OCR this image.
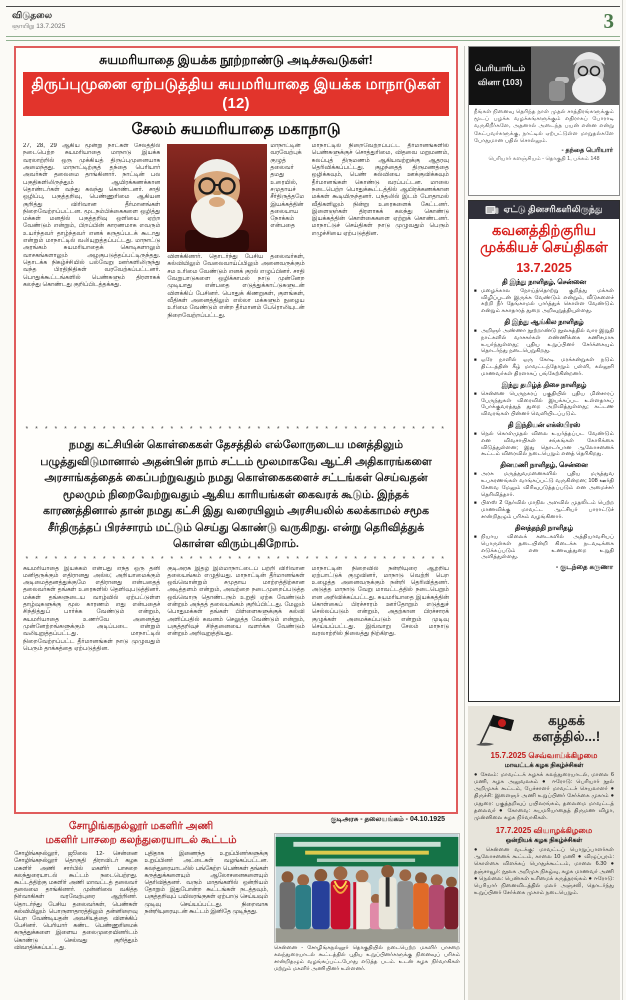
விடுதலை
ஞாயிறு 13.7.2025	3
சுயமரியாதை இயக்க நூற்றாண்டு அடிச்சுவடுகள்!
திருப்புமுனை ஏற்படுத்திய சுயமரியாதை இயக்க மாநாடுகள் (12)
சேலம் சுயமரியாதை மகாநாடு
27, 28, 29 ஆகிய மூன்று நாட்கள் சேலத்தில் நடைபெற்ற சுயமரியாதை மாநாடு இயக்க வரலாற்றில் ஒரு முக்கியத் திருப்புமுனையாக அமைந்தது. மாநாட்டிற்குத் தந்தை பெரியார் அவர்கள் தலைமை தாங்கினார். நாட்டின் பல பகுதிகளிலிருந்தும் ஆயிரக்கணக்கான தொண்டர்கள் வந்து கலந்து கொண்டனர். சாதி ஒழிப்பு, பகுத்தறிவு, பெண்ணுரிமை ஆகியன குறித்து விரிவான தீர்மானங்கள் நிறைவேற்றப்பட்டன. மூடநம்பிக்கைகளை ஒழித்து மக்கள் மனதில் பகுத்தறிவு ஒளியை ஏற்ற வேண்டும் என்றும், பிறப்பின் காரணமாக எவரும் உயர்ந்தவர் தாழ்ந்தவர் எனக் கருதப்படக் கூடாது என்றும் மாநாட்டில் வலியுறுத்தப்பட்டது. மாநாட்டு அரங்கம் சுயமரியாதைக் கொடிகளாலும் வாசகங்களாலும் அழகுபடுத்தப்பட்டிருந்தது. தொடக்க நிகழ்ச்சியில் பல்வேறு ஊர்களிலிருந்து வந்த பிரதிநிதிகள் வரவேற்கப்பட்டனர். பொதுக்கூட்டங்களில் பெண்களும் திரளாகக் கலந்து கொண்டது குறிப்பிடத்தக்கது.
மாநாட்டின் வரவேற்புக் குழுத் தலைவர் தமது உரையில், சமுதாயச் சீர்திருத்தமே இயக்கத்தின் தலையாய நோக்கம் என்பதை விளக்கினார். தொடர்ந்து பேசிய தலைவர்கள், கல்வியிலும் வேலைவாய்ப்பிலும் அனைவருக்கும் சம உரிமை வேண்டும் எனக் குரல் எழுப்பினர். சாதி வேறுபாடுகளை ஒழிக்காமல் நாடு முன்னேற முடியாது என்பதை எடுத்துக்காட்டுகளுடன் விளக்கிப் பேசினர். பொதுக் கிணறுகள், குளங்கள், வீதிகள் அனைத்திலும் எல்லா மக்களும் நுழைய உரிமை வேண்டும் என்ற தீர்மானம் பேரொலியுடன் நிறைவேற்றப்பட்டது.
மாநாட்டில் நிறைவேற்றப்பட்ட தீர்மானங்களில் பெண்களுக்குச் சொத்துரிமை, விதவை மறுமணம், கலப்புத் திருமணம் ஆகியவற்றுக்கு ஆதரவு தெரிவிக்கப்பட்டது. குழந்தைத் திருமணத்தை ஒழிக்கவும், பெண் கல்வியை ஊக்குவிக்கவும் தீர்மானங்கள் கொண்டு வரப்பட்டன. மாலை நடைபெற்ற பொதுக்கூட்டத்தில் ஆயிரக்கணக்கான மக்கள் கூடியிருந்தனர். பந்தலில் இடம் போதாமல் வீதிகளிலும் நின்று உரைகளைக் கேட்டனர். இளைஞர்கள் திரளாகக் கலந்து கொண்டு இயக்கத்தின் கொள்கைகளை ஏற்றுக் கொண்டனர். மாநாட்டுச் செய்திகள் நாடு முழுவதும் பெரும் எழுச்சியை ஏற்படுத்தின.
* * * * * * * * * * * * * * * * * * * * * * * * * * * * * * * * * * * * * * * * * * * *
நமது கட்சியின் கொள்கைகள் தேசத்தில் எல்லோருடைய மனத்திலும் பழுத்துவிடுமானால் அதன்பின் நாம் சட்டம் மூலமாகவே ஆட்சி அதிகாரங்களை அரசாங்கத்தைக் கைப்பற்றுவதும் நமது கொள்கைகளைச் சட்டங்கள் செய்வதன் மூலமும் நிறைவேற்றுவதும் ஆகிய காரியங்கள் கைவரக் கூடும். இந்தக் காரணத்தினால் தான் நமது கட்சி இது வரையிலும் அரசியலில் கலக்காமல் சமூக சீர்திருத்தப் பிரச்சாரம் மட்டும் செய்து கொண்டு வருகிறது. என்று தெரிவித்துக் கொள்ள விரும்புகிறோம்.
* * * * * * * * * * * * * * * * * * * * * * * * * * * * * * * * * * * * * * * * * * * *
சுயமரியாதை இயக்கம் என்பது எந்த ஒரு தனி மனிதருக்கும் எதிரானது அல்ல; அறியாமைக்கும் அடிமைத்தனத்துக்குமே எதிரானது என்பதைத் தலைவர்கள் தங்கள் உரைகளில் தெளிவுபடுத்தினர். மக்கள் தங்களுடைய வாழ்வில் ஏற்பட்டுள்ள தாழ்வுகளுக்கு மூல காரணம் எது என்பதைச் சிந்தித்துப் பார்க்க வேண்டும் என்றும், சுயமரியாதை உணர்வே அனைத்து முன்னேற்றங்களுக்கும் அடிப்படை என்றும் வலியுறுத்தப்பட்டது. மாநாட்டில் நிறைவேற்றப்பட்ட தீர்மானங்கள் நாடு முழுவதும் பெரும் தாக்கத்தை ஏற்படுத்தின.
குடிஅரசு இதழ் இம்மாநாட்டைப் பற்றி விரிவான தலையங்கம் எழுதியது. மாநாட்டின் தீர்மானங்கள் ஒவ்வொன்றும் சமுதாய மாற்றத்திற்கான அடித்தளம் என்றும், அவற்றை நடைமுறைப்படுத்த ஒவ்வொரு தொண்டரும் உறுதி ஏற்க வேண்டும் என்றும் அந்தத் தலையங்கம் குறிப்பிட்டது. மேலும் பொதுமக்கள் தங்கள் பிள்ளைகளுக்குக் கல்வி அளிப்பதில் கவனம் செலுத்த வேண்டும் என்றும், பகுத்தறிவுச் சிந்தனையை வளர்க்க வேண்டும் என்றும் அறிவுறுத்தியது.
மாநாட்டின் நிறைவில் நன்றியுரை ஆற்றிய ஏற்பாட்டுக் குழுவினர், மாநாடு வெற்றி பெற உழைத்த அனைவருக்கும் நன்றி தெரிவித்தனர். அடுத்த மாநாடு வேறு மாவட்டத்தில் நடைபெறும் என அறிவிக்கப்பட்டது. சுயமரியாதை இயக்கத்தின் கொள்கைப் பிரச்சாரம் ஊர்தோறும் எடுத்துச் செல்லப்படும் என்றும், அதற்கான பிரச்சாரக் குழுக்கள் அமைக்கப்படும் என்றும் முடிவு செய்யப்பட்டது. இவ்வாறு சேலம் மாநாடு வரலாற்றில் நிலைத்து நிற்கிறது.
குடிஅரசு - தலையங்கம் - 04.10.1925
பெரியாரிடம்
வினா (103)
நீங்கள் நினைவு தெரிந்த நாள் முதல் சாத்திரங்களுக்கும் மூடப் பழக்க வழக்கங்களுக்கும் எதிராகப் போராடி வருகிறீர்களே, அதனால் அடைந்த பயன் என்ன என்று கேட்பவர்களுக்கு, நாட்டில் ஏற்பட்டுள்ள மாறுதல்களே போதுமான பதில் சொல்லும்.
- தந்தை பெரியார்
பெரியார் களஞ்சியம் - தொகுதி 1, பக்கம் 148
ஏட்டு தினசரிகளிலிருந்து
கவனத்திற்குரிய
முக்கியச் செய்திகள்
13.7.2025
தி இந்து நாளிதழ், சென்னை
■ மழைக்கால நோய்த்தொற்று குறித்து மக்கள் விழிப்புடன் இருக்க வேண்டும் என்றும், வீடுகளைச் சுற்றி நீர் தேங்காமல் பார்த்துக் கொள்ள வேண்டும் என்றும் சுகாதாரத் துறை அறிவுறுத்தியுள்ளது.
தி இந்து ஆங்கில நாளிதழ்
■ அறிஞர் அண்ணா நூற்றாண்டு நூலகத்தில் வார இறுதி நாட்களில் வாசகர்கள் எண்ணிக்கை கணிசமாக உயர்ந்துள்ளது; புதிய உறுப்பினர் சேர்க்கையும் தொடர்ந்து நடைபெறுகிறது.
■ ஒரே நாளில் ஒரு கோடி மரக்கன்றுகள் நடும் திட்டத்தின் கீழ் மாவட்டந்தோறும் பள்ளி, கல்லூரி மாணவர்கள் திரளாகப் பங்கேற்கின்றனர்.
இந்து தமிழ்த் திசை நாளிதழ்
■ சென்னை பெருநகரப் பகுதியில் புதிய மின்சாரப் பேருந்துகள் விரைவில் இயக்கப்பட உள்ளதாகப் போக்குவரத்துத் துறை அறிவித்துள்ளது; கட்டண விவரங்கள் பின்னர் வெளியிடப்படும்.
தி இந்தியன் எக்ஸ்பிரஸ்
■ நெல் கொள்முதல் விலை உயர்த்தப்பட வேண்டும் என விவசாயிகள் சங்கங்கள் கோரிக்கை விடுத்துள்ளன; இது தொடர்பான ஆலோசனைக் கூட்டம் விரைவில் நடைபெறும் எனத் தெரிகிறது.
தினமணி நாளிதழ், சென்னை
■ அரசு மருத்துவமனைகளில் புதிய மருத்துவ உபகரணங்கள் வாங்கப்பட்டு வருகின்றன; 108 ஊர்தி சேவை மேலும் விரிவுபடுத்தப்படும் என அமைச்சர் தெரிவித்தார்.
■ பிளஸ் 2 தேர்வில் மாநில அளவில் முதலிடம் பெற்ற மாணவிக்கு மாவட்ட ஆட்சியர் பாராட்டுச் சான்றிதழும் பரிசும் வழங்கினார்.
தினத்தந்தி நாளிதழ்
■ நியாய விலைக் கடைகளில் அத்தியாவசியப் பொருள்கள் தடையின்றி கிடைக்க நடவடிக்கை எடுக்கப்படும் என உணவுத்துறை உறுதி அளித்துள்ளது.
- குடந்தை கருணா
கழகக்
களத்தில்...!
15.7.2025 செவ்வாய்க்கிழமை
மாவட்டக் கழக நிகழ்ச்சிகள்
● சேலம்: மாவட்டக் கழகக் கலந்துரையாடல், மாலை 6 மணி, கழக அலுவலகம் ● ஈரோடு: பெரியார் நூல் அறிமுகக் கூட்டம், பேச்சாளர் மாவட்டச் செயலாளர் ● திருச்சி: இளைஞர் அணி உறுப்பினர் சேர்க்கை முகாம் ● மதுரை: பகுத்தறிவுப் பயிலரங்கம், தலைமை மாவட்டத் தலைவர் ● கோவை: சுயமரியாதைத் திருமண விழா, முன்னிலை கழக நிர்வாகிகள்.
17.7.2025 வியாழக்கிழமை
ஒன்றியக் கழக நிகழ்ச்சிகள்
● சென்னை வடக்கு: மாவட்டப் பொறுப்பாளர்கள் ஆலோசனைக் கூட்டம், காலை 10 மணி ● விழுப்புரம்: கொள்கை விளக்கப் பொதுக்கூட்டம், மாலை 6.30 ● தஞ்சாவூர்: நூலக அறிமுக நிகழ்வு, கழக மாணவர் அணி ● நெல்லை: பெண்கள் உரிமைக் கருத்தரங்கம் ● ஈரோடு: பெரியார் நினைவிடத்தில் மலர் அஞ்சலி, தொடர்ந்து உறுப்பினர் சேர்க்கை முகாம் நடைபெறும்.
சோழிங்கநல்லூர் மகளிர் அணி
மகளிர் பாசறை கலந்துரையாடல் கூட்டம்
சோழிங்கநல்லூர், ஜூலை 12- சென்னை சோழிங்கநல்லூர் தொகுதி திராவிடர் கழக மகளிர் அணி சார்பில் மகளிர் பாசறை கலந்துரையாடல் கூட்டம் நடைபெற்றது. கூட்டத்திற்கு மகளிர் அணி மாவட்டத் தலைவர் தலைமை தாங்கினார். முன்னிலை வகித்த நிர்வாகிகள் வரவேற்புரை ஆற்றினர். தொடர்ந்து பேசிய தலைவர்கள், பெண்கள் கல்வியிலும் பொருளாதாரத்திலும் தன்னிறைவு பெற வேண்டியதன் அவசியத்தை விளக்கிப் பேசினர். பெரியார் கண்ட பெண்ணுரிமைக் கருத்துக்களை இளைய தலைமுறையினரிடம் கொண்டு செல்வது குறித்தும் விவாதிக்கப்பட்டது.
புதிதாக இணைந்த உறுப்பினர்களுக்கு உறுப்பினர் அட்டைகள் வழங்கப்பட்டன. கலந்துரையாடலில் பங்கேற்ற பெண்கள் தங்கள் கருத்துக்களையும் ஆலோசனைகளையும் தெரிவித்தனர். வரும் மாதங்களில் ஒன்றியம் தோறும் இதுபோன்ற கூட்டங்கள் நடத்தவும், பகுத்தறிவுப் பயிலரங்குகள் ஏற்பாடு செய்யவும் முடிவு செய்யப்பட்டது. நிறைவாக நன்றியுரையுடன் கூட்டம் இனிதே முடிந்தது.
சென்னை - சோழிங்கநல்லூர் தொகுதியில் நடைபெற்ற மகளிர் பாசறை கலந்துரையாடல் கூட்டத்தில் புதிய உறுப்பினர்களுக்கு நினைவுப் பரிசும் சான்றிதழும் வழங்கப்பட்டபோது எடுத்த படம். உடன் கழக நிர்வாகிகள் மற்றும் மகளிர் அணியினர் உள்ளனர்.
